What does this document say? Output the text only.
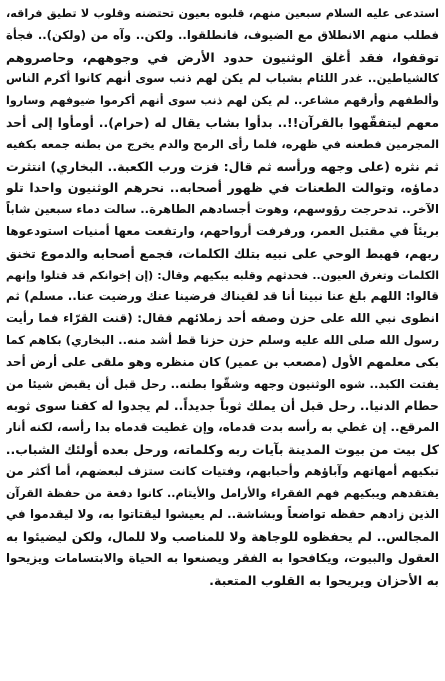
استدعى عليه السلام سبعين منهم، قلبوه بعيون تحتضنه وقلوب لا تطيق فراقه،
فطلب منهم الانطلاق مع الضيوف، فانطلقوا.. ولكن.. وآه من (ولكن).. فجأة
توقفوا، فقد أغلق الوثنيون حدود الأرض في وجوههم، وحاصروهم
كالشياطين.. غدر اللئام بشباب لم يكن لهم ذنب سوى أنهم كانوا أكرم الناس
وألطفهم وأرقهم مشاعر.. لم يكن لهم ذنب سوى أنهم أكرموا ضيوفهم وساروا
معهم ليتفقّهوا بالقرآن!!.. بدأوا بشاب يقال له (حرام).. أومأوا إلى أحد
المجرمين فطعنه في ظهره، فلما رأى الرمح والدم يخرج من بطنه جمعه بكفيه
ثم نثره (على وجهه ورأسه ثم قال: فزت ورب الكعبة.. البخاري) انتثرت
دماؤه، وتوالت الطعنات في ظهور أصحابه.. نحرهم الوثنيون واحدا تلو
الآخر.. تدحرجت رؤوسهم، وهوت أجسادهم الطاهرة.. سالت دماء سبعين شاباً
بريئاً في مقتبل العمر، ورفرفت أرواحهم، وارتفعت معها أمنيات استودعوها
ربهم، فهبط الوحي على نبيه بتلك الكلمات، فجمع أصحابه والدموع تخنق
الكلمات وتغرق العيون.. فحدثهم وقلبه يبكيهم وقال: (إن إخوانكم قد قتلوا وإنهم
قالوا: اللهم بلغ عنا نبينا أنا قد لقيناك فرضينا عنك ورضيت عنا.. مسلم) ثم
انطوى نبي الله على حزن وصفه أحد زملائهم فقال: (قنت القرّاء فما رأيت
رسول الله صلى الله عليه وسلم حزن حزنا قط أشد منه.. البخاري) بكاهم كما
بكى معلمهم الأول (مصعب بن عمير) كان منظره وهو ملقى على أرض أحد
يفتت الكبد.. شوه الوثنيون وجهه وشقّوا بطنه.. رحل قبل أن يقبض شيئا من
حطام الدنيا.. رحل قبل أن يملك ثوباً جديداً.. لم يجدوا له كفنا سوى ثوبه
المرقع.. إن غطي به رأسه بدت قدماه، وإن غطيت قدماه بدا رأسه، لكنه أنار
كل بيت من بيوت المدينة بآيات ربه وكلماته، ورحل بعده أولئك الشباب..
تبكيهم أمهاتهم وآباؤهم وأحبابهم، وفتيات كانت ستزف لبعضهم، أما أكثر من
يفتقدهم ويبكيهم فهم الفقراء والأرامل والأيتام.. كانوا دفعة من حفظة القرآن
الذين زادهم حفظه تواضعاً وبشاشة.. لم يعيشوا ليقتاتوا به، ولا ليقدموا في
المجالس.. لم يحفظوه للوجاهة ولا للمناصب ولا للمال، ولكن ليضيئوا به
العقول والبيوت، ويكافحوا به الفقر ويصنعوا به الحياة والابتسامات ويزيحوا
به الأحزان ويريحوا به القلوب المتعبة.
